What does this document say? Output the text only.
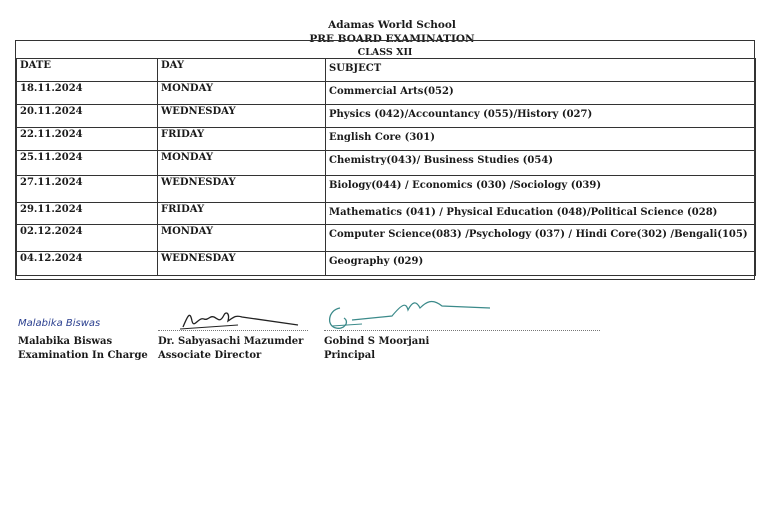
Adamas World School
PRE BOARD EXAMINATION
CLASS XII
DATE	DAY	SUBJECT
18.11.2024	MONDAY	Commercial Arts(052)
20.11.2024	WEDNESDAY	Physics (042)/Accountancy (055)/History (027)
22.11.2024	FRIDAY	English Core (301)
25.11.2024	MONDAY	Chemistry(043)/ Business Studies (054)
27.11.2024	WEDNESDAY	Biology(044) / Economics (030) /Sociology (039)
29.11.2024	FRIDAY	Mathematics (041) / Physical Education (048)/Political Science (028)
02.12.2024	MONDAY	Computer Science(083) /Psychology (037) / Hindi Core(302) /Bengali(105)
04.12.2024	WEDNESDAY	Geography (029)
Malabika Biswas
Malabika Biswas
Examination In Charge
Dr. Sabyasachi Mazumder
Associate Director
Gobind S Moorjani
Principal
